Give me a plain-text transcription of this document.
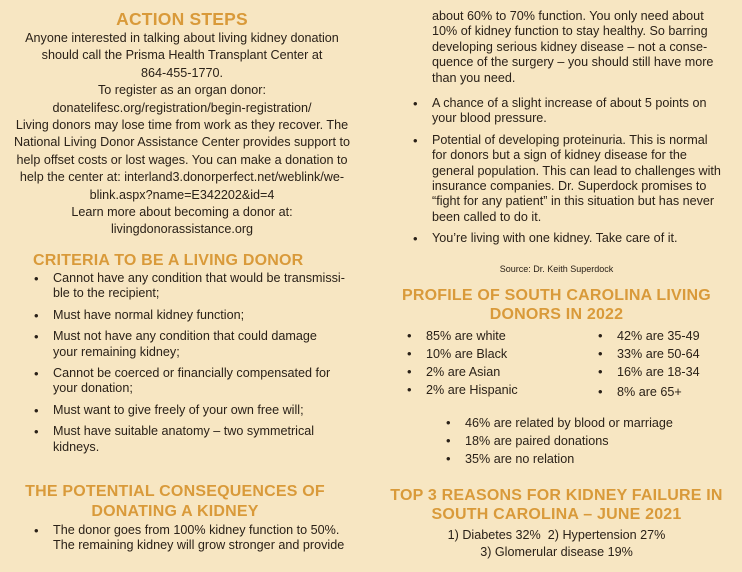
ACTION STEPS
Anyone interested in talking about living kidney donation
should call the Prisma Health Transplant Center at
864-455-1770.
To register as an organ donor:
donatelifesc.org/registration/begin-registration/
Living donors may lose time from work as they recover. The
National Living Donor Assistance Center provides support to
help offset costs or lost wages. You can make a donation to
help the center at: interland3.donorperfect.net/weblink/we-
blink.aspx?name=E342202&id=4
Learn more about becoming a donor at:
livingdonorassistance.org
CRITERIA TO BE A LIVING DONOR
• Cannot have any condition that would be transmissi-
ble to the recipient;
• Must have normal kidney function;
• Must not have any condition that could damage
your remaining kidney;
• Cannot be coerced or financially compensated for
your donation;
• Must want to give freely of your own free will;
• Must have suitable anatomy – two symmetrical
kidneys.
THE POTENTIAL CONSEQUENCES OF
DONATING A KIDNEY
• The donor goes from 100% kidney function to 50%.
The remaining kidney will grow stronger and provide
about 60% to 70% function. You only need about
10% of kidney function to stay healthy. So barring
developing serious kidney disease – not a conse-
quence of the surgery – you should still have more
than you need.
• A chance of a slight increase of about 5 points on
your blood pressure.
• Potential of developing proteinuria. This is normal
for donors but a sign of kidney disease for the
general population. This can lead to challenges with
insurance companies. Dr. Superdock promises to
“fight for any patient” in this situation but has never
been called to do it.
• You’re living with one kidney. Take care of it.
Source: Dr. Keith Superdock
PROFILE OF SOUTH CAROLINA LIVING
DONORS IN 2022
• 85% are white
• 10% are Black
• 2% are Asian
• 2% are Hispanic
• 42% are 35-49
• 33% are 50-64
• 16% are 18-34
• 8% are 65+
• 46% are related by blood or marriage
• 18% are paired donations
• 35% are no relation
TOP 3 REASONS FOR KIDNEY FAILURE IN
SOUTH CAROLINA – JUNE 2021
1) Diabetes 32%  2) Hypertension 27%
3) Glomerular disease 19%
